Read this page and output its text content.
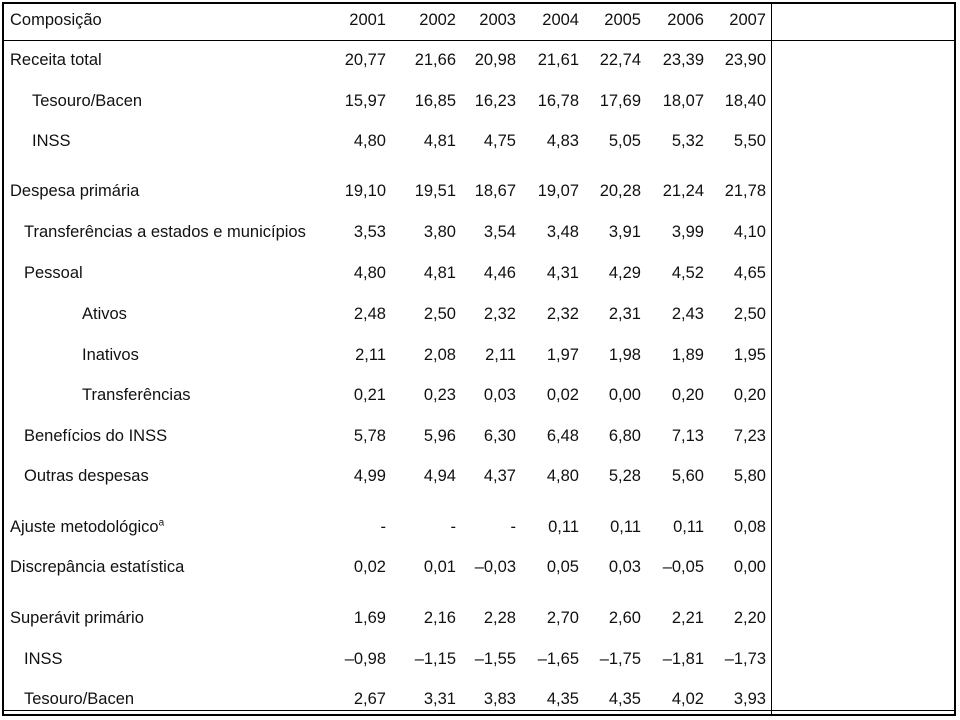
Composição	2001	2002	2003	2004	2005	2006	2007
Receita total	20,77	21,66	20,98	21,61	22,74	23,39	23,90
Tesouro/Bacen	15,97	16,85	16,23	16,78	17,69	18,07	18,40
INSS	4,80	4,81	4,75	4,83	5,05	5,32	5,50
Despesa primária	19,10	19,51	18,67	19,07	20,28	21,24	21,78
Transferências a estados e municípios	3,53	3,80	3,54	3,48	3,91	3,99	4,10
Pessoal	4,80	4,81	4,46	4,31	4,29	4,52	4,65
Ativos	2,48	2,50	2,32	2,32	2,31	2,43	2,50
Inativos	2,11	2,08	2,11	1,97	1,98	1,89	1,95
Transferências	0,21	0,23	0,03	0,02	0,00	0,20	0,20
Benefícios do INSS	5,78	5,96	6,30	6,48	6,80	7,13	7,23
Outras despesas	4,99	4,94	4,37	4,80	5,28	5,60	5,80
Ajuste metodológico$^a$	-	-	-	0,11	0,11	0,11	0,08
Discrepância estatística	0,02	0,01	–0,03	0,05	0,03	–0,05	0,00
Superávit primário	1,69	2,16	2,28	2,70	2,60	2,21	2,20
INSS	–0,98	–1,15	–1,55	–1,65	–1,75	–1,81	–1,73
Tesouro/Bacen	2,67	3,31	3,83	4,35	4,35	4,02	3,93
